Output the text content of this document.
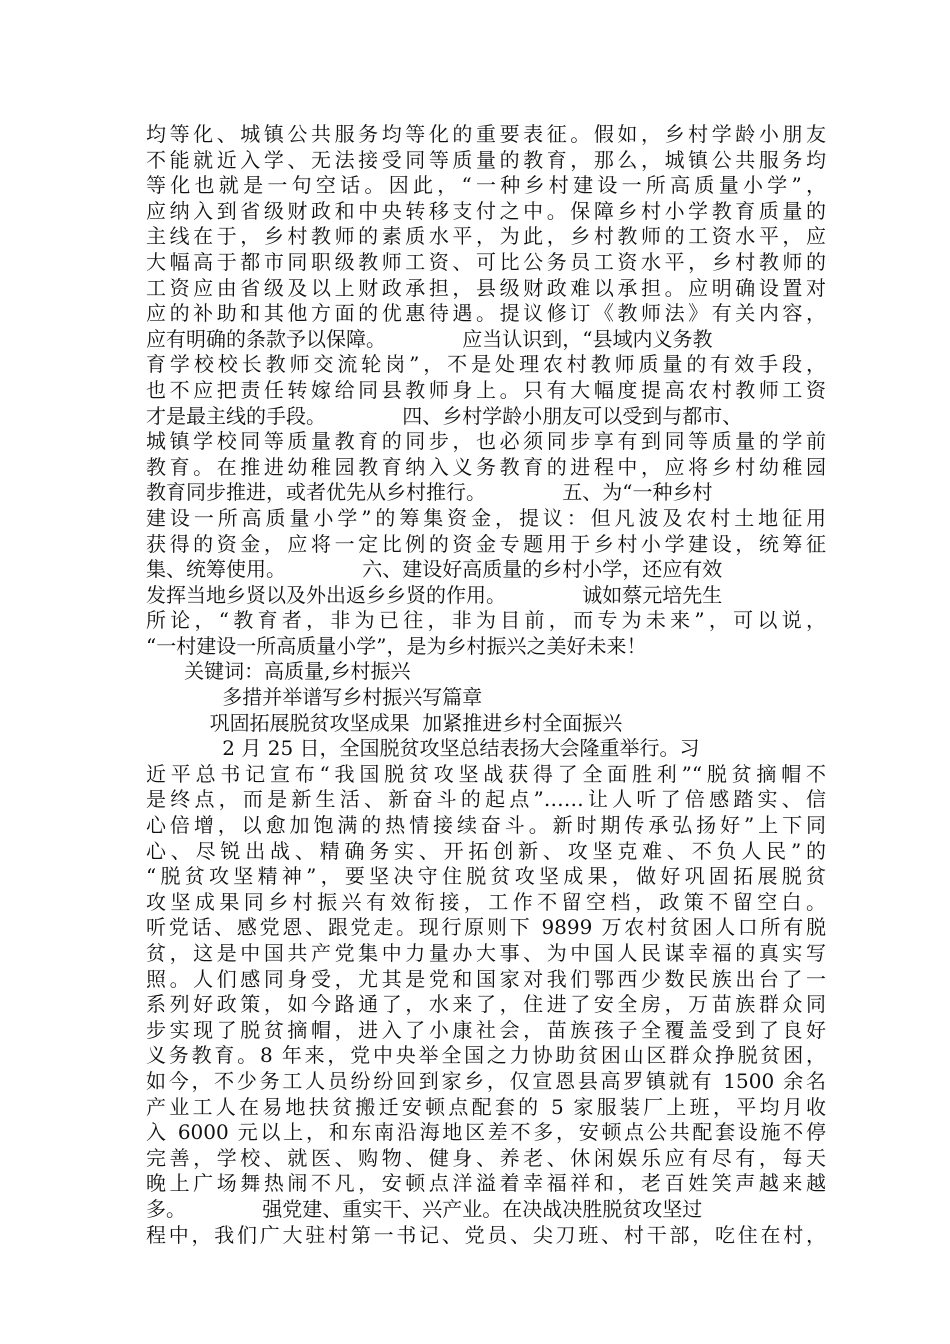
均等化、城镇公共服务均等化的重要表征。假如，乡村学龄小朋友
不能就近入学、无法接受同等质量的教育，那么，城镇公共服务均
等化也就是一句空话。因此，“一种乡村建设一所高质量小学”，
应纳入到省级财政和中央转移支付之中。保障乡村小学教育质量的
主线在于，乡村教师的素质水平，为此，乡村教师的工资水平，应
大幅高于都市同职级教师工资、可比公务员工资水平，乡村教师的
工资应由省级及以上财政承担，县级财政难以承担。应明确设置对
应的补助和其他方面的优惠待遇。提议修订《教师法》有关内容，
应有明确的条款予以保障。            应当认识到，“县域内义务教
育学校校长教师交流轮岗”，不是处理农村教师质量的有效手段，
也不应把责任转嫁给同县教师身上。只有大幅度提高农村教师工资
才是最主线的手段。            四、乡村学龄小朋友可以受到与都市、
城镇学校同等质量教育的同步，也必须同步享有到同等质量的学前
教育。在推进幼稚园教育纳入义务教育的进程中，应将乡村幼稚园
教育同步推进，或者优先从乡村推行。            五、为“一种乡村
建设一所高质量小学”的筹集资金，提议：但凡波及农村土地征用
获得的资金，应将一定比例的资金专题用于乡村小学建设，统筹征
集、统筹使用。            六、建设好高质量的乡村小学，还应有效
发挥当地乡贤以及外出返乡乡贤的作用。            诚如蔡元培先生
所论，“教育者，非为已往，非为目前，而专为未来”，可以说，
“一村建设一所高质量小学”，是为乡村振兴之美好未来！
关键词：高质量,乡村振兴
多措并举谱写乡村振兴写篇章
巩固拓展脱贫攻坚成果  加紧推进乡村全面振兴
2 月 25 日，全国脱贫攻坚总结表扬大会隆重举行。习
近平总书记宣布“我国脱贫攻坚战获得了全面胜利”“脱贫摘帽不
是终点，而是新生活、新奋斗的起点”……让人听了倍感踏实、信
心倍增，以愈加饱满的热情接续奋斗。新时期传承弘扬好”上下同
心、尽锐出战、精确务实、开拓创新、攻坚克难、不负人民”的
“脱贫攻坚精神”，要坚决守住脱贫攻坚成果，做好巩固拓展脱贫
攻坚成果同乡村振兴有效衔接，工作不留空档，政策不留空白。
听党话、感党恩、跟党走。现行原则下 9899 万农村贫困人口所有脱
贫，这是中国共产党集中力量办大事、为中国人民谋幸福的真实写
照。人们感同身受，尤其是党和国家对我们鄂西少数民族出台了一
系列好政策，如今路通了，水来了，住进了安全房，万苗族群众同
步实现了脱贫摘帽，进入了小康社会，苗族孩子全覆盖受到了良好
义务教育。8 年来，党中央举全国之力协助贫困山区群众挣脱贫困，
如今，不少务工人员纷纷回到家乡，仅宣恩县高罗镇就有 1500 余名
产业工人在易地扶贫搬迁安顿点配套的 5 家服装厂上班，平均月收
入 6000 元以上，和东南沿海地区差不多，安顿点公共配套设施不停
完善，学校、就医、购物、健身、养老、休闲娱乐应有尽有，每天
晚上广场舞热闹不凡，安顿点洋溢着幸福祥和，老百姓笑声越来越
多。            强党建、重实干、兴产业。在决战决胜脱贫攻坚过
程中，我们广大驻村第一书记、党员、尖刀班、村干部，吃住在村，
